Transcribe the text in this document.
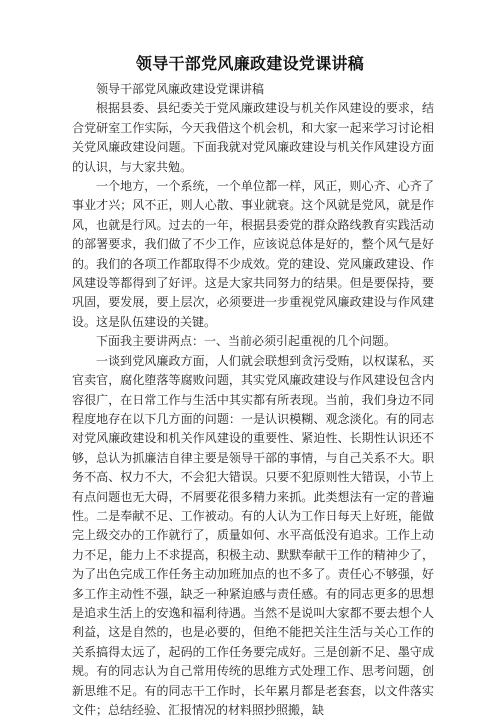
领导干部党风廉政建设党课讲稿

领导干部党风廉政建设党课讲稿

根据县委、县纪委关于党风廉政建设与机关作风建设的要求，结合党研室工作实际，今天我借这个机会机，和大家一起来学习讨论相关党风廉政建设问题。下面我就对党风廉政建设与机关作风建设方面的认识，与大家共勉。

一个地方，一个系统，一个单位都一样，风正，则心齐、心齐了事业才兴；风不正，则人心散、事业就衰。这个风就是党风，就是作风，也就是行风。过去的一年，根据县委党的群众路线教育实践活动的部署要求，我们做了不少工作，应该说总体是好的，整个风气是好的。我们的各项工作都取得不少成效。党的建设、党风廉政建设、作风建设等都得到了好评。这是大家共同努力的结果。但是要保持，要巩固，要发展，要上层次，必须要进一步重视党风廉政建设与作风建设。这是队伍建设的关键。

下面我主要讲两点：一、当前必须引起重视的几个问题。

一谈到党风廉政方面，人们就会联想到贪污受贿，以权谋私，买官卖官，腐化堕落等腐败问题，其实党风廉政建设与作风建设包含内容很广，在日常工作与生活中其实都有所表现。当前，我们身边不同程度地存在以下几方面的问题：一是认识模糊、观念淡化。有的同志对党风廉政建设和机关作风建设的重要性、紧迫性、长期性认识还不够，总认为抓廉洁自律主要是领导干部的事情，与自己关系不大。职务不高、权力不大，不会犯大错误。只要不犯原则性大错误，小节上有点问题也无大碍，不屑要花很多精力来抓。此类想法有一定的普遍性。二是奉献不足、工作被动。有的人认为工作日每天上好班，能做完上级交办的工作就行了，质量如何、水平高低没有追求。工作上动力不足，能力上不求提高，积极主动、默默奉献干工作的精神少了，为了出色完成工作任务主动加班加点的也不多了。责任心不够强，好多工作主动性不强，缺乏一种紧迫感与责任感。有的同志更多的思想是追求生活上的安逸和福利待遇。当然不是说叫大家都不要去想个人利益，这是自然的，也是必要的，但绝不能把关注生活与关心工作的关系搞得太远了，起码的工作任务要完成好。三是创新不足、墨守成规。有的同志认为自己常用传统的思维方式处理工作、思考问题，创新思维不足。有的同志干工作时，长年累月都是老套套，以文件落实文件；总结经验、汇报情况的材料照抄照搬，缺
